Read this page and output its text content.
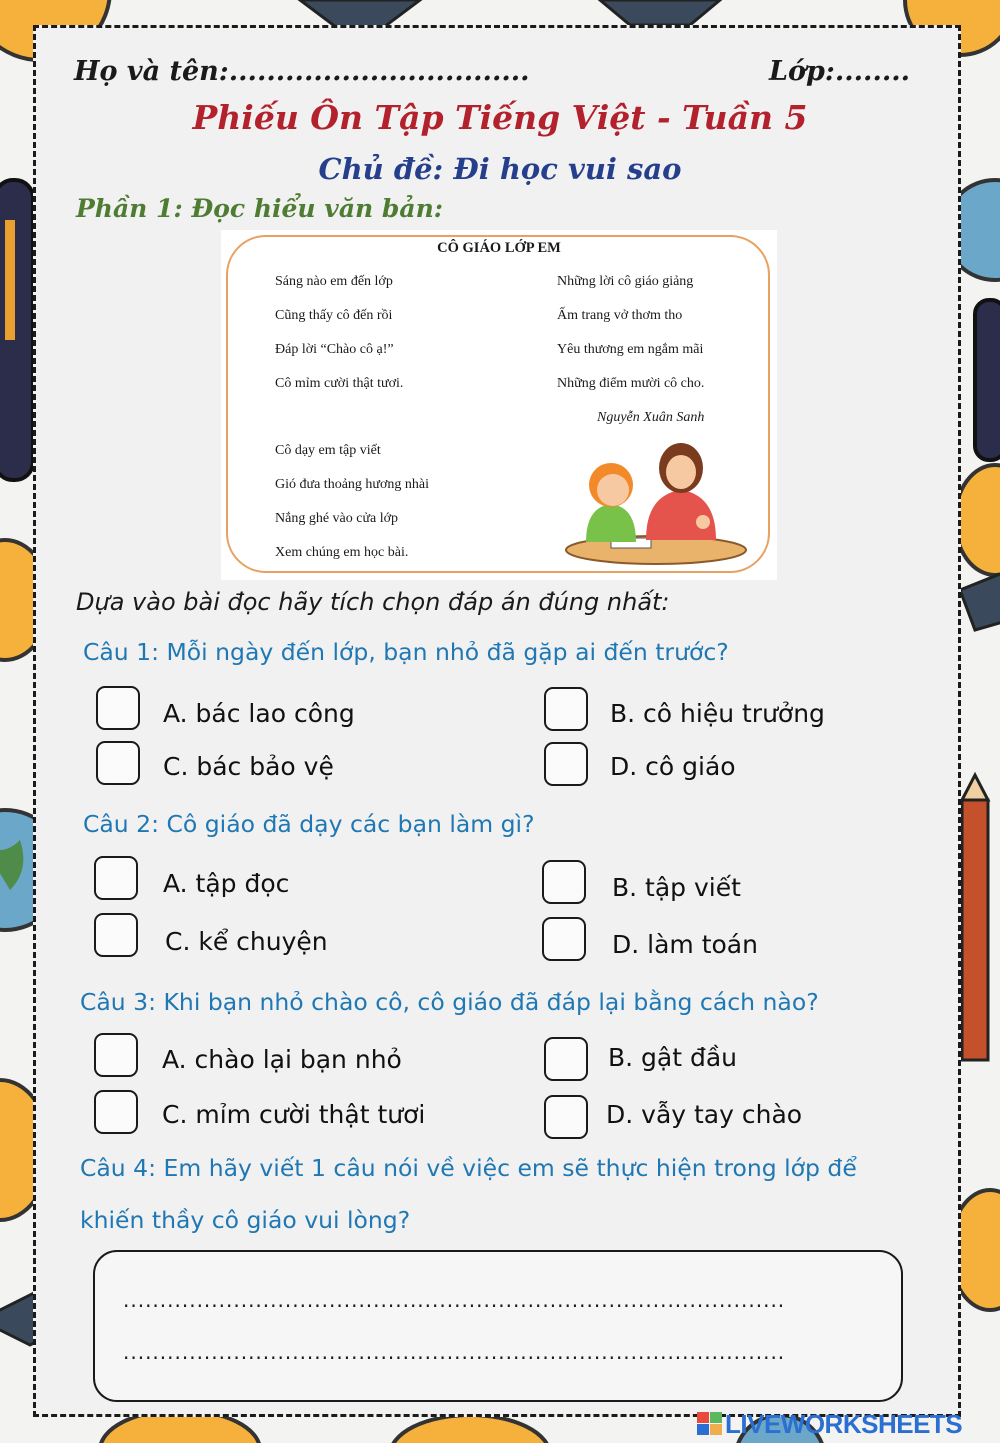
Họ và tên:................................	Lớp:........
Phiếu Ôn Tập Tiếng Việt - Tuần 5
Chủ đề: Đi học vui sao
Phần 1: Đọc hiểu văn bản:
CÔ GIÁO LỚP EM
Sáng nào em đến lớp
Cũng thấy cô đến rồi
Đáp lời “Chào cô ạ!”
Cô mỉm cười thật tươi.
Cô dạy em tập viết
Gió đưa thoảng hương nhài
Nắng ghé vào cửa lớp
Xem chúng em học bài.
Những lời cô giáo giảng
Ấm trang vở thơm tho
Yêu thương em ngắm mãi
Những điểm mười cô cho.
Nguyễn Xuân Sanh
Dựa vào bài đọc hãy tích chọn đáp án đúng nhất:
Câu 1: Mỗi ngày đến lớp, bạn nhỏ đã gặp ai đến trước?
A. bác lao công	B. cô hiệu trưởng
C. bác bảo vệ	D. cô giáo
Câu 2: Cô giáo đã dạy các bạn làm gì?
A. tập đọc	B. tập viết
C. kể chuyện	D. làm toán
Câu 3: Khi bạn nhỏ chào cô, cô giáo đã đáp lại bằng cách nào?
A. chào lại bạn nhỏ	B. gật đầu
C. mỉm cười thật tươi	D. vẫy tay chào
Câu 4: Em hãy viết 1 câu nói về việc em sẽ thực hiện trong lớp để
khiến thầy cô giáo vui lòng?
..........................................................................................
..........................................................................................
LIVEWORKSHEETS
